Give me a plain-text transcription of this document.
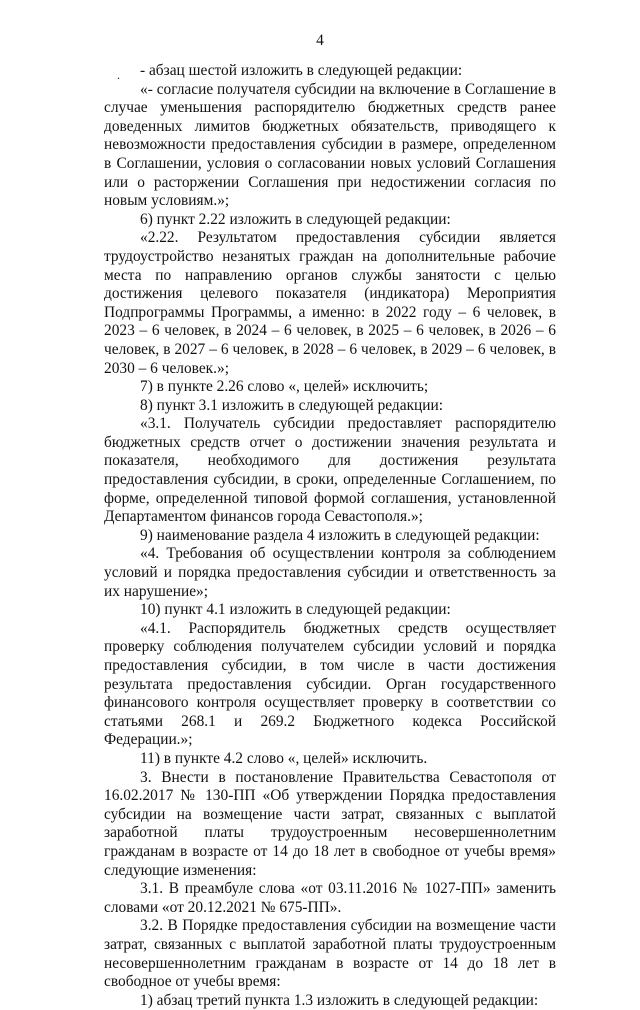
4
.	- абзац шестой изложить в следующей редакции:

«- согласие получателя субсидии на включение в Соглашение в случае уменьшения распорядителю бюджетных средств ранее доведенных лимитов бюджетных обязательств, приводящего к невозможности предоставления субсидии в размере, определенном в Соглашении, условия о согласовании новых условий Соглашения или о расторжении Соглашения при недостижении согласия по новым условиям.»;

6) пункт 2.22 изложить в следующей редакции:

«2.22. Результатом предоставления субсидии является трудоустройство незанятых граждан на дополнительные рабочие места по направлению органов службы занятости с целью достижения целевого показателя (индикатора) Мероприятия Подпрограммы Программы, а именно: в 2022 году – 6 человек, в 2023 – 6 человек, в 2024 – 6 человек, в 2025 – 6 человек, в 2026 – 6 человек, в 2027 – 6 человек, в 2028 – 6 человек, в 2029 – 6 человек, в 2030 – 6 человек.»;

7) в пункте 2.26 слово «, целей» исключить;

8) пункт 3.1 изложить в следующей редакции:

«3.1. Получатель субсидии предоставляет распорядителю бюджетных средств отчет о достижении значения результата и показателя, необходимого для достижения результата предоставления субсидии, в сроки, определенные Соглашением, по форме, определенной типовой формой соглашения, установленной Департаментом финансов города Севастополя.»;

9) наименование раздела 4 изложить в следующей редакции:

«4. Требования об осуществлении контроля за соблюдением условий и порядка предоставления субсидии и ответственность за их нарушение»;

10) пункт 4.1 изложить в следующей редакции:

«4.1. Распорядитель бюджетных средств осуществляет проверку соблюдения получателем субсидии условий и порядка предоставления субсидии, в том числе в части достижения результата предоставления субсидии. Орган государственного финансового контроля осуществляет проверку в соответствии со статьями 268.1 и 269.2 Бюджетного кодекса Российской Федерации.»;

11) в пункте 4.2 слово «, целей» исключить.

3. Внести в постановление Правительства Севастополя от 16.02.2017 № 130-ПП «Об утверждении Порядка предоставления субсидии на возмещение части затрат, связанных с выплатой заработной платы трудоустроенным несовершеннолетним гражданам в возрасте от 14 до 18 лет в свободное от учебы время» следующие изменения:

3.1. В преамбуле слова «от 03.11.2016 № 1027-ПП» заменить словами «от 20.12.2021 № 675-ПП».

3.2. В Порядке предоставления субсидии на возмещение части затрат, связанных с выплатой заработной платы трудоустроенным несовершеннолетним гражданам в возрасте от 14 до 18 лет в свободное от учебы время:

1) абзац третий пункта 1.3 изложить в следующей редакции:
